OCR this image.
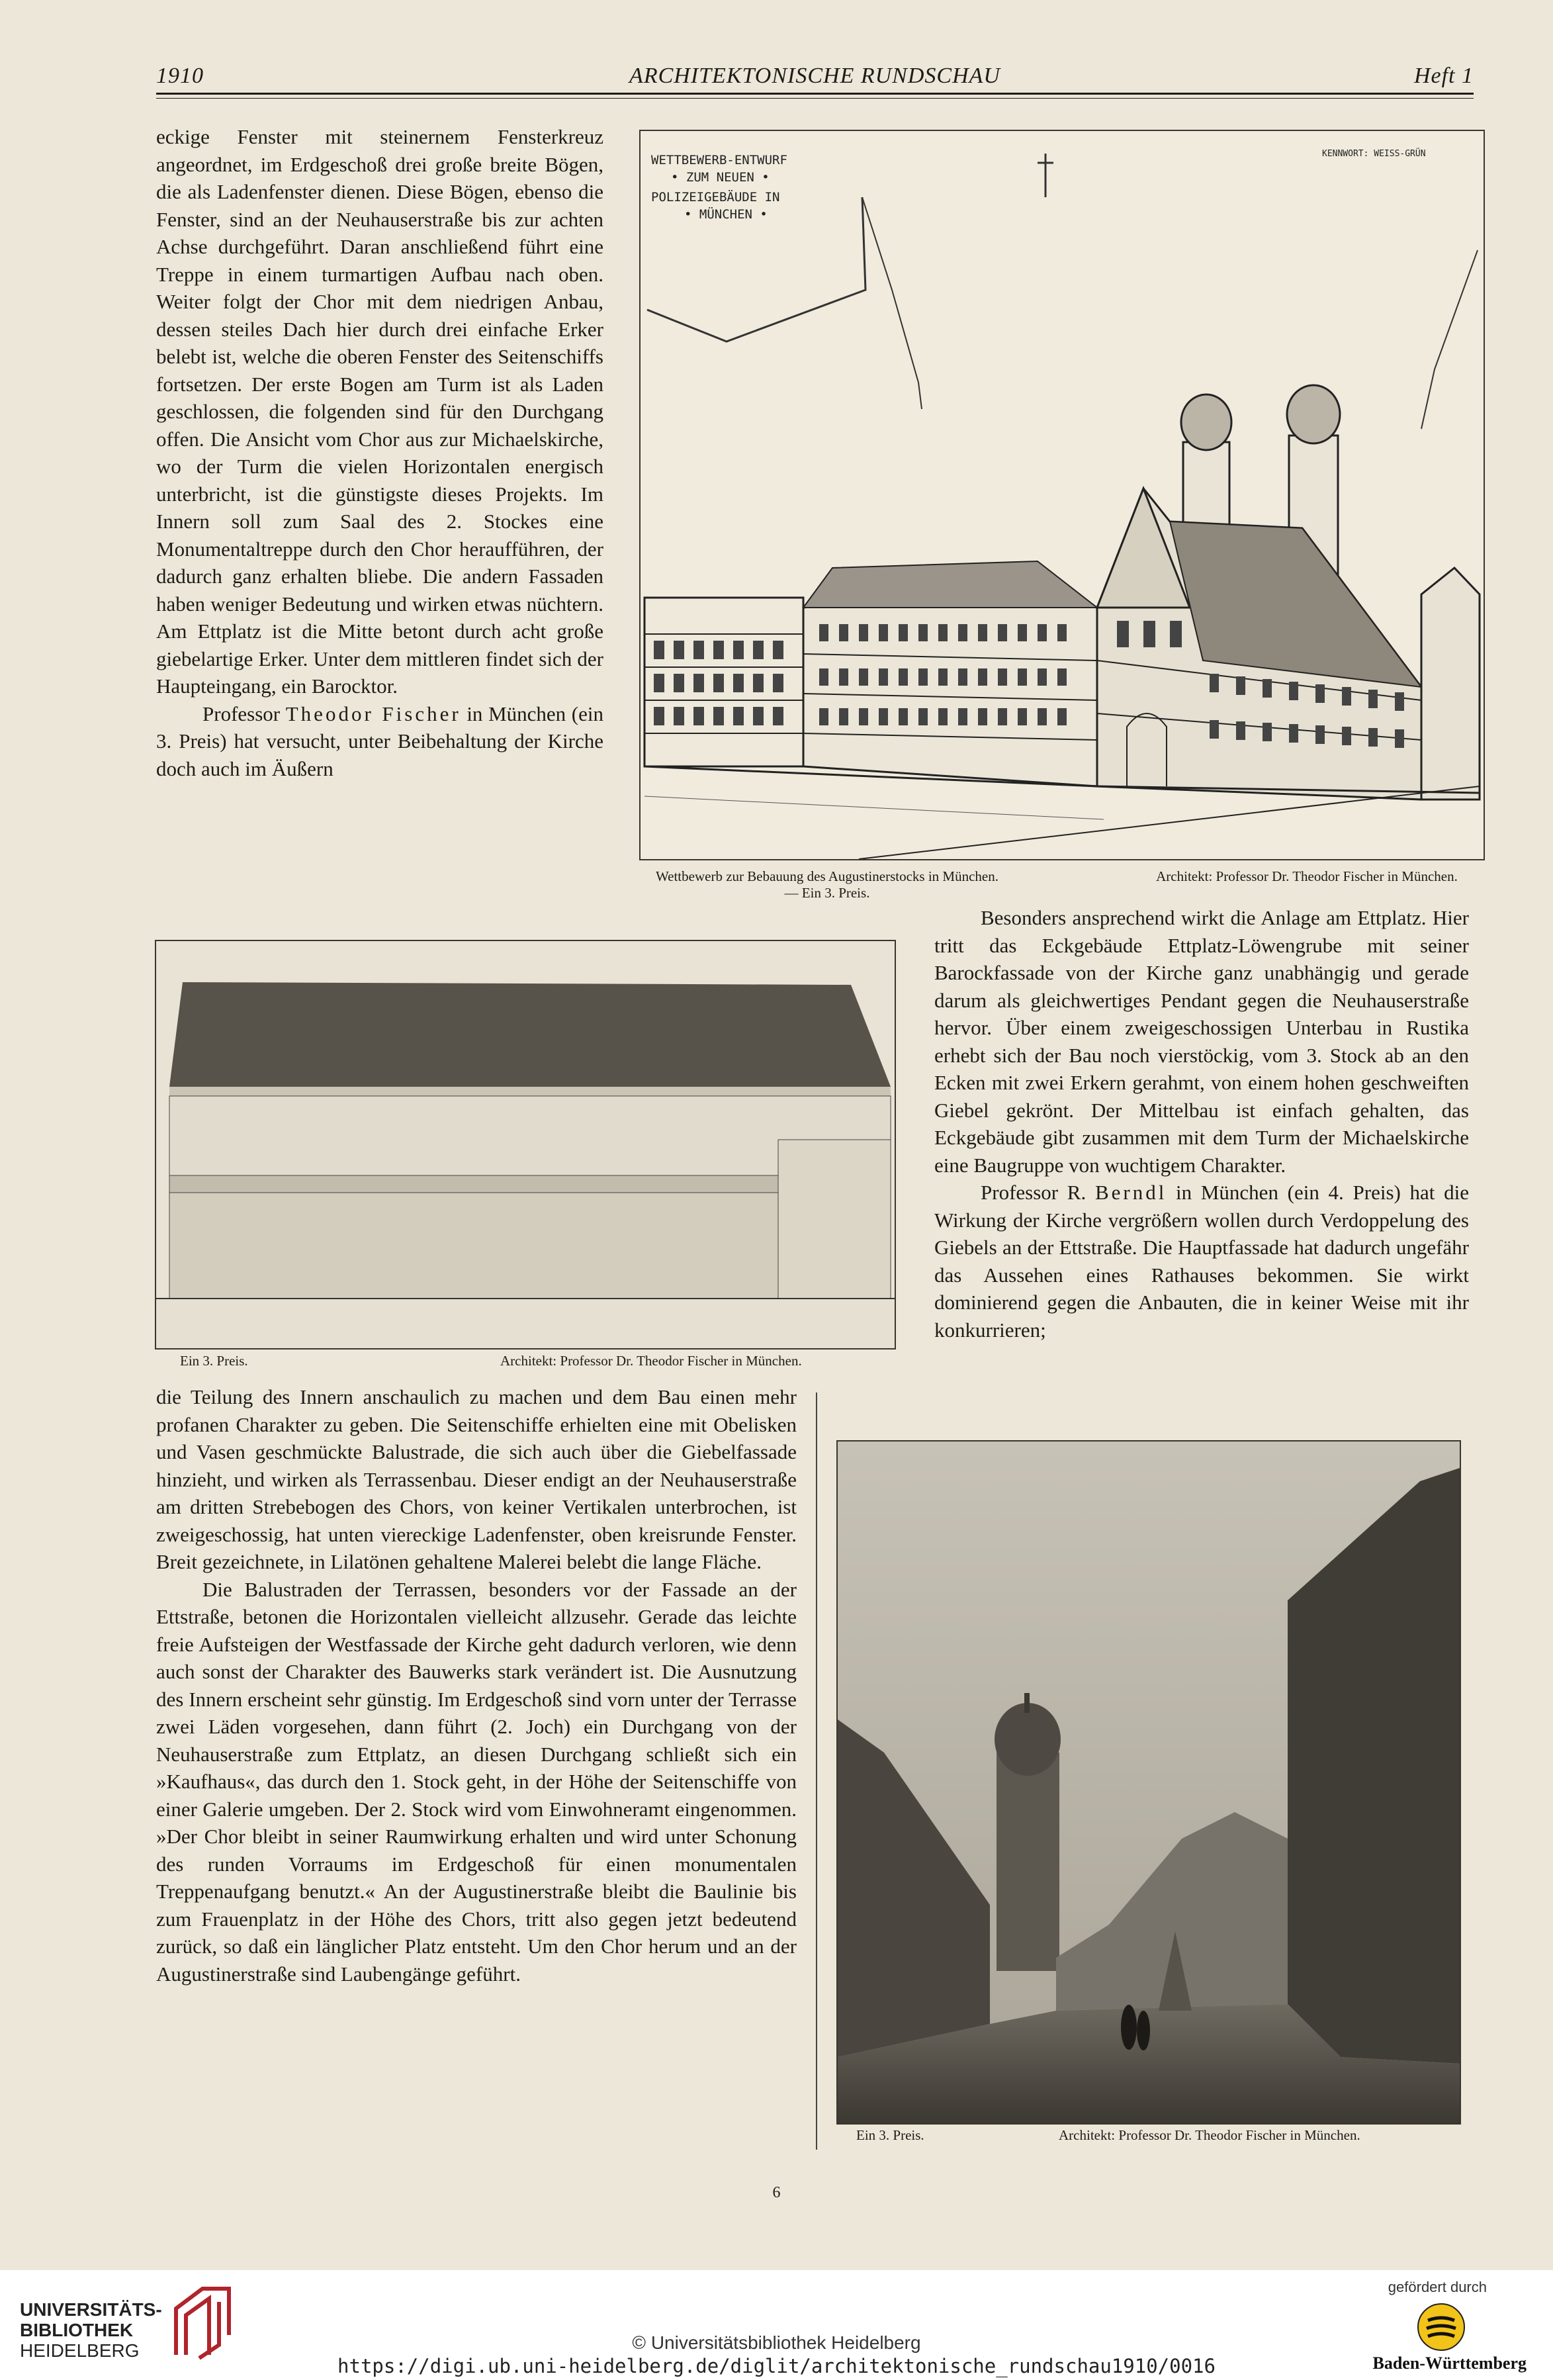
1910	ARCHITEKTONISCHE RUNDSCHAU	Heft 1

eckige Fenster mit steinernem Fensterkreuz angeordnet, im Erdgeschoß drei große breite Bögen, die als Ladenfenster dienen. Diese Bögen, ebenso die Fenster, sind an der Neuhauserstraße bis zur achten Achse durchgeführt. Daran anschließend führt eine Treppe in einem turmartigen Aufbau nach oben. Weiter folgt der Chor mit dem niedrigen Anbau, dessen steiles Dach hier durch drei einfache Erker belebt ist, welche die oberen Fenster des Seitenschiffs fortsetzen. Der erste Bogen am Turm ist als Laden geschlossen, die folgenden sind für den Durchgang offen. Die Ansicht vom Chor aus zur Michaelskirche, wo der Turm die vielen Horizontalen energisch unterbricht, ist die günstigste dieses Projekts. Im Innern soll zum Saal des 2. Stockes eine Monumentaltreppe durch den Chor heraufführen, der dadurch ganz erhalten bliebe. Die andern Fassaden haben weniger Bedeutung und wirken etwas nüchtern. Am Ettplatz ist die Mitte betont durch acht große giebelartige Erker. Unter dem mittleren findet sich der Haupteingang, ein Barocktor.

Professor Theodor Fischer in München (ein 3. Preis) hat versucht, unter Beibehaltung der Kirche doch auch im Äußern

WETTBEWERB-ENTWURF
• ZUM NEUEN •
POLIZEIGEBÄUDE IN
• MÜNCHEN •
KENNWORT: WEISS-GRÜN
Wettbewerb zur Bebauung des Augustinerstocks in München. — Ein 3. Preis.
Architekt: Professor Dr. Theodor Fischer in München.

Besonders ansprechend wirkt die Anlage am Ettplatz. Hier tritt das Eckgebäude Ettplatz-Löwengrube mit seiner Barockfassade von der Kirche ganz unabhängig und gerade darum als gleichwertiges Pendant gegen die Neuhauserstraße hervor. Über einem zweigeschossigen Unterbau in Rustika erhebt sich der Bau noch vierstöckig, vom 3. Stock ab an den Ecken mit zwei Erkern gerahmt, von einem hohen geschweiften Giebel gekrönt. Der Mittelbau ist einfach gehalten, das Eckgebäude gibt zusammen mit dem Turm der Michaelskirche eine Baugruppe von wuchtigem Charakter.

Professor R. Berndl in München (ein 4. Preis) hat die Wirkung der Kirche vergrößern wollen durch Verdoppelung des Giebels an der Ettstraße. Die Hauptfassade hat dadurch ungefähr das Aussehen eines Rathauses bekommen. Sie wirkt dominierend gegen die Anbauten, die in keiner Weise mit ihr konkurrieren;

Ein 3. Preis.	Architekt: Professor Dr. Theodor Fischer in München.

die Teilung des Innern anschaulich zu machen und dem Bau einen mehr profanen Charakter zu geben. Die Seitenschiffe erhielten eine mit Obelisken und Vasen geschmückte Balustrade, die sich auch über die Giebelfassade hinzieht, und wirken als Terrassenbau. Dieser endigt an der Neuhauserstraße am dritten Strebebogen des Chors, von keiner Vertikalen unterbrochen, ist zweigeschossig, hat unten viereckige Ladenfenster, oben kreisrunde Fenster. Breit gezeichnete, in Lilatönen gehaltene Malerei belebt die lange Fläche.

Die Balustraden der Terrassen, besonders vor der Fassade an der Ettstraße, betonen die Horizontalen vielleicht allzusehr. Gerade das leichte freie Aufsteigen der Westfassade der Kirche geht dadurch verloren, wie denn auch sonst der Charakter des Bauwerks stark verändert ist. Die Ausnutzung des Innern erscheint sehr günstig. Im Erdgeschoß sind vorn unter der Terrasse zwei Läden vorgesehen, dann führt (2. Joch) ein Durchgang von der Neuhauserstraße zum Ettplatz, an diesen Durchgang schließt sich ein »Kaufhaus«, das durch den 1. Stock geht, in der Höhe der Seitenschiffe von einer Galerie umgeben. Der 2. Stock wird vom Einwohneramt eingenommen. »Der Chor bleibt in seiner Raumwirkung erhalten und wird unter Schonung des runden Vorraums im Erdgeschoß für einen monumentalen Treppenaufgang benutzt.« An der Augustinerstraße bleibt die Baulinie bis zum Frauenplatz in der Höhe des Chors, tritt also gegen jetzt bedeutend zurück, so daß ein länglicher Platz entsteht. Um den Chor herum und an der Augustinerstraße sind Laubengänge geführt.

Ein 3. Preis.	Architekt: Professor Dr. Theodor Fischer in München.
6
UNIVERSITÄTS-
BIBLIOTHEK
HEIDELBERG	© Universitätsbibliothek Heidelberg
https://digi.ub.uni-heidelberg.de/diglit/architektonische_rundschau1910/0016
gefördert durch
Baden-Württemberg
